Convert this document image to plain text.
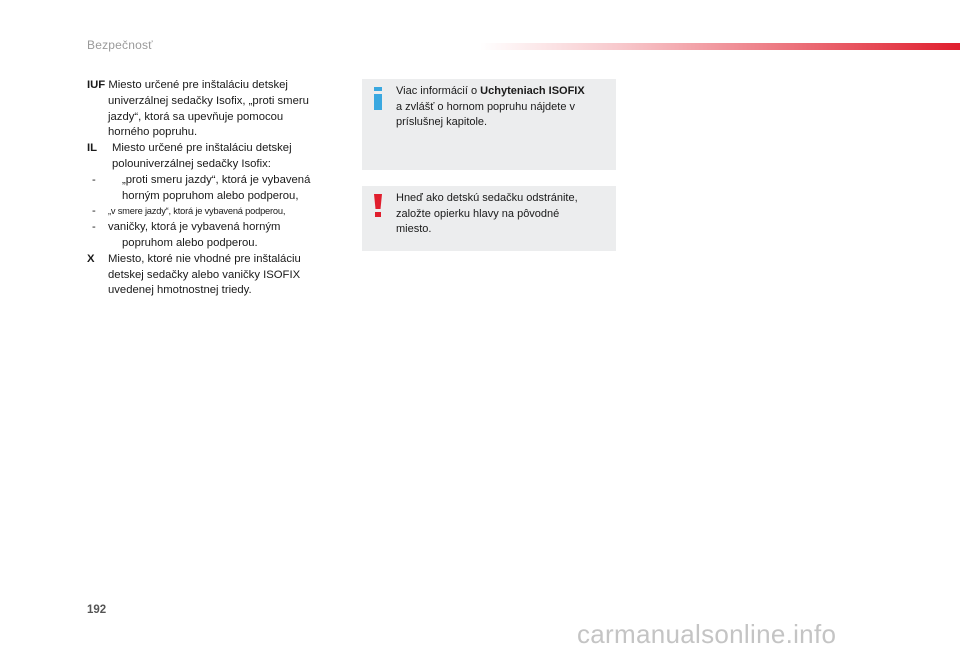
Bezpečnosť
IUF Miesto určené pre inštaláciu detskej
univerzálnej sedačky Isofix, „proti smeru
jazdy“, ktorá sa upevňuje pomocou
horného popruhu.
IL Miesto určené pre inštaláciu detskej
polouniverzálnej sedačky Isofix:
- „proti smeru jazdy“, ktorá je vybavená
horným popruhom alebo podperou,
- „v smere jazdy“, ktorá je vybavená podperou,
- vaničky, ktorá je vybavená horným
popruhom alebo podperou.
X Miesto, ktoré nie vhodné pre inštaláciu
detskej sedačky alebo vaničky ISOFIX
uvedenej hmotnostnej triedy.
Viac informácií o Uchyteniach ISOFIX
a zvlášť o hornom popruhu nájdete v
príslušnej kapitole.
Hneď ako detskú sedačku odstránite,
založte opierku hlavy na pôvodné
miesto.
192
carmanualsonline.info
